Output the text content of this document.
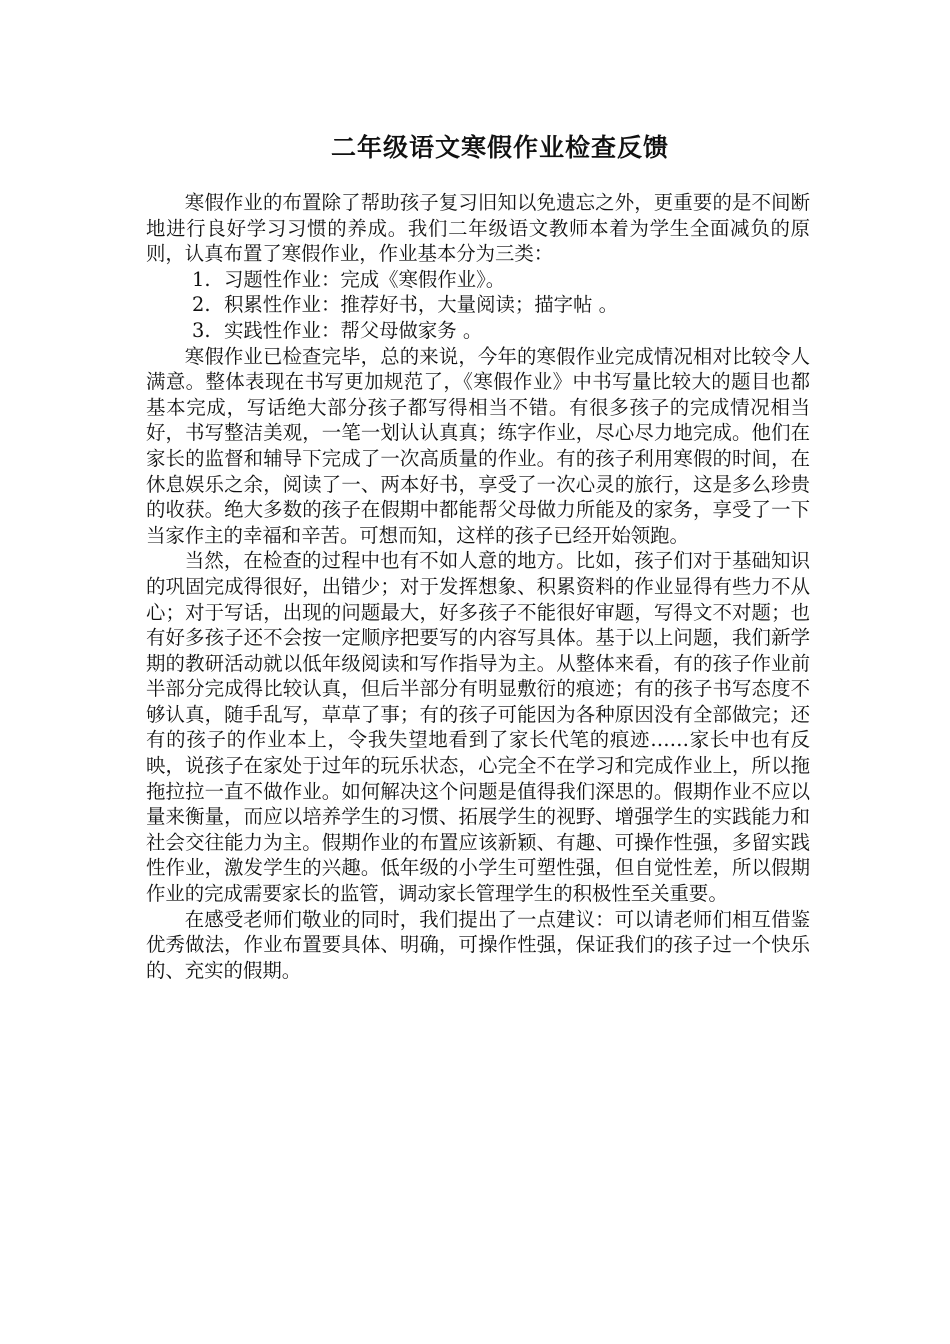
二年级语文寒假作业检查反馈

寒假作业的布置除了帮助孩子复习旧知以免遗忘之外，更重要的是不间断地进行良好学习习惯的养成。我们二年级语文教师本着为学生全面减负的原则，认真布置了寒假作业，作业基本分为三类：

1. 习题性作业：完成《寒假作业》。
2. 积累性作业：推荐好书，大量阅读；描字帖 。
3. 实践性作业：帮父母做家务 。

寒假作业已检查完毕，总的来说，今年的寒假作业完成情况相对比较令人满意。整体表现在书写更加规范了，《寒假作业》中书写量比较大的题目也都基本完成，写话绝大部分孩子都写得相当不错。有很多孩子的完成情况相当好，书写整洁美观，一笔一划认认真真；练字作业，尽心尽力地完成。他们在家长的监督和辅导下完成了一次高质量的作业。有的孩子利用寒假的时间，在休息娱乐之余，阅读了一、两本好书，享受了一次心灵的旅行，这是多么珍贵的收获。绝大多数的孩子在假期中都能帮父母做力所能及的家务，享受了一下当家作主的幸福和辛苦。可想而知，这样的孩子已经开始领跑。

当然，在检查的过程中也有不如人意的地方。比如，孩子们对于基础知识的巩固完成得很好，出错少；对于发挥想象、积累资料的作业显得有些力不从心；对于写话，出现的问题最大，好多孩子不能很好审题，写得文不对题；也有好多孩子还不会按一定顺序把要写的内容写具体。基于以上问题，我们新学期的教研活动就以低年级阅读和写作指导为主。从整体来看，有的孩子作业前半部分完成得比较认真，但后半部分有明显敷衍的痕迹；有的孩子书写态度不够认真，随手乱写，草草了事；有的孩子可能因为各种原因没有全部做完；还有的孩子的作业本上，令我失望地看到了家长代笔的痕迹……家长中也有反映，说孩子在家处于过年的玩乐状态，心完全不在学习和完成作业上，所以拖拖拉拉一直不做作业。如何解决这个问题是值得我们深思的。假期作业不应以量来衡量，而应以培养学生的习惯、拓展学生的视野、增强学生的实践能力和社会交往能力为主。假期作业的布置应该新颖、有趣、可操作性强，多留实践性作业，激发学生的兴趣。低年级的小学生可塑性强，但自觉性差，所以假期作业的完成需要家长的监管，调动家长管理学生的积极性至关重要。

在感受老师们敬业的同时，我们提出了一点建议：可以请老师们相互借鉴优秀做法，作业布置要具体、明确，可操作性强，保证我们的孩子过一个快乐的、充实的假期。
